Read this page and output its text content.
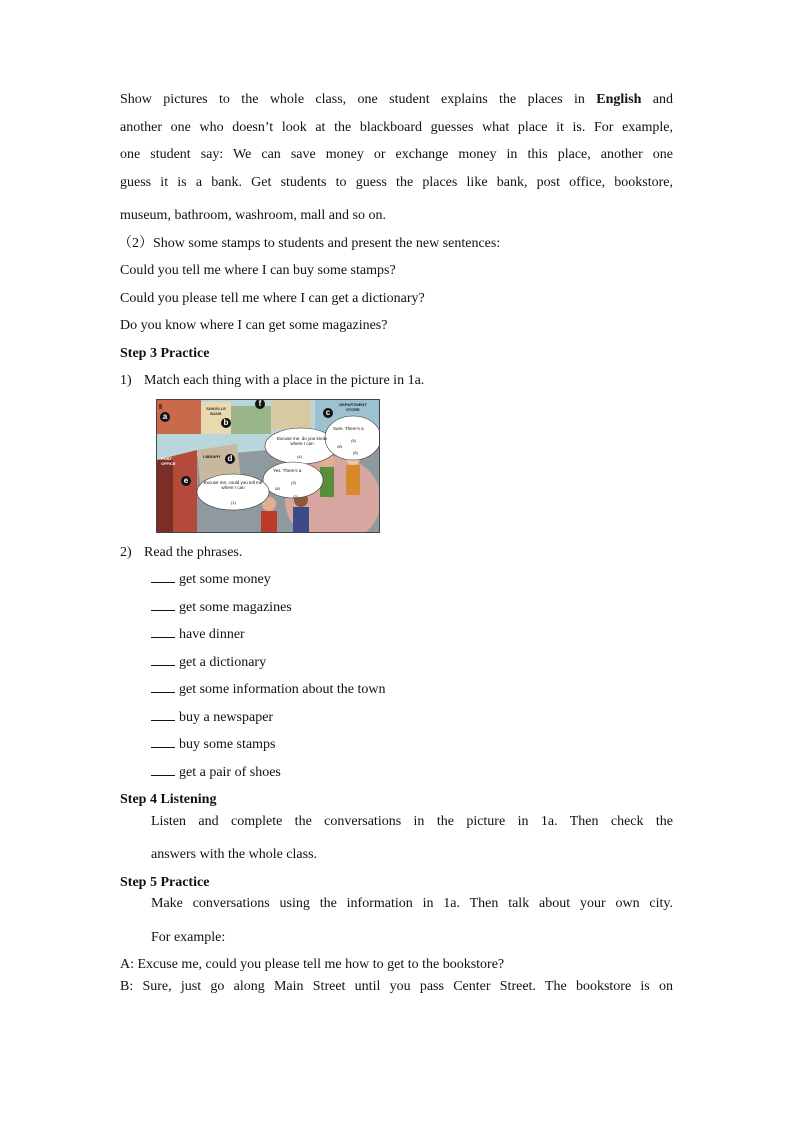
Show pictures to the whole class, one student explains the places in English and
another one who doesn’t look at the blackboard guesses what place it is. For example,
one student say: We can save money or exchange money in this place, another one
guess it is a bank. Get students to guess the places like bank, post office, bookstore,
museum, bathroom, washroom, mall and so on.
（2）Show some stamps to students and present the new sentences:
Could you tell me where I can buy some stamps?
Could you please tell me where I can get a dictionary?
Do you know where I can get some magazines?
Step 3 Practice
1) Match each thing with a place in the picture in 1a.

SUNVILLE BANK
POST OFFICE
LIBRARY
DEPARTMENT STORE
Excuse me, do you know where I can
Sure. There’s a
Yes. There’s a
Excuse me, could you tell me where I can
on
on
(3)
(4)
(5)
(6)
(1)
(2)
a
b
c
d
e
f
2) Read the phrases.
get some money
get some magazines
have dinner
get a dictionary
get some information about the town
buy a newspaper
buy some stamps
get a pair of shoes
Step 4 Listening
Listen and complete the conversations in the picture in 1a. Then check the
answers with the whole class.
Step 5 Practice
Make conversations using the information in 1a. Then talk about your own city.
For example:
A: Excuse me, could you please tell me how to get to the bookstore?
B: Sure, just go along Main Street until you pass Center Street. The bookstore is on
